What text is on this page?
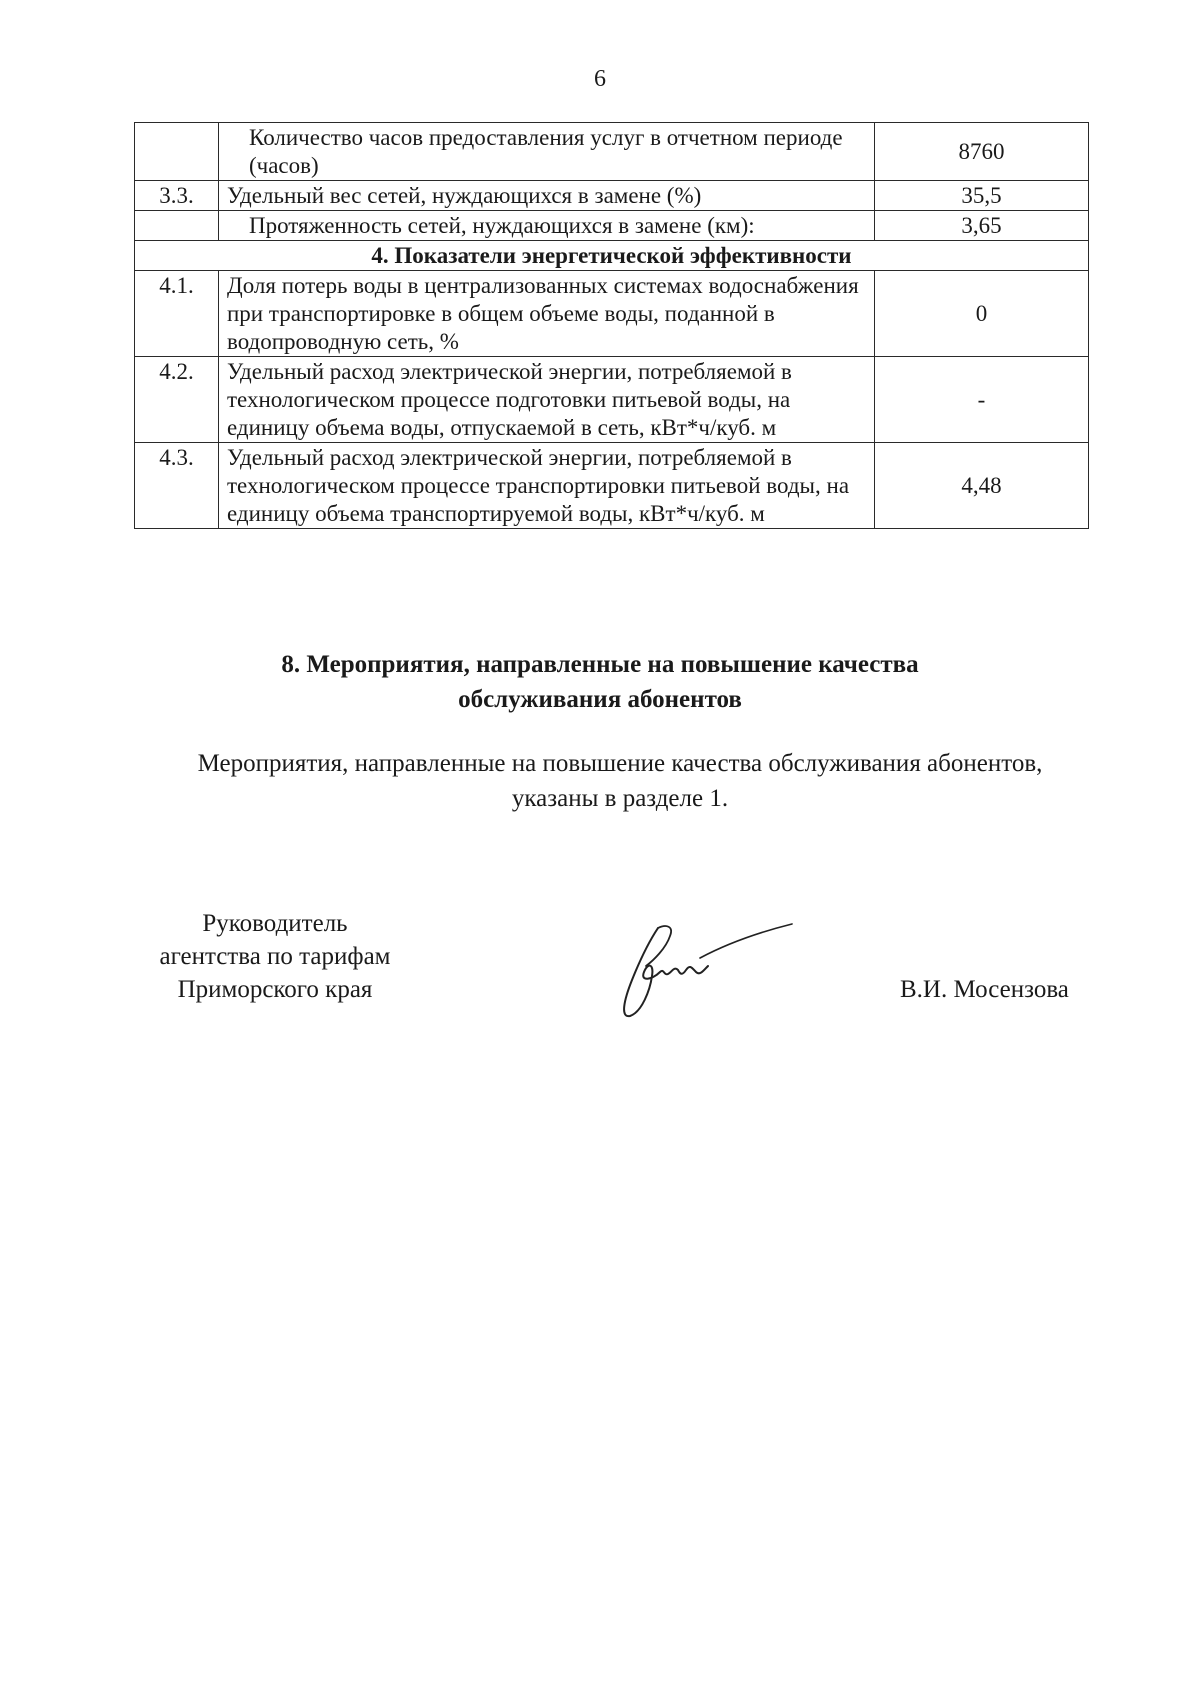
6
	Количество часов предоставления услуг в отчетном периоде (часов)	8760
3.3.	Удельный вес сетей, нуждающихся в замене (%)	35,5
	Протяженность сетей, нуждающихся в замене (км):	3,65
4. Показатели энергетической эффективности		
4.1.	Доля потерь воды в централизованных системах водоснабжения при транспортировке в общем объеме воды, поданной в водопроводную сеть, %	0
4.2.	Удельный расход электрической энергии, потребляемой в технологическом процессе подготовки питьевой воды, на единицу объема воды, отпускаемой в сеть, кВт*ч/куб. м	-
4.3.	Удельный расход электрической энергии, потребляемой в технологическом процессе транспортировки питьевой воды, на единицу объема транспортируемой воды, кВт*ч/куб. м	4,48
8. Мероприятия, направленные на повышение качества
обслуживания абонентов
Мероприятия, направленные на повышение качества обслуживания абонентов,
указаны в разделе 1.
Руководитель
агентства по тарифам
Приморского края	В.И. Мосензова
